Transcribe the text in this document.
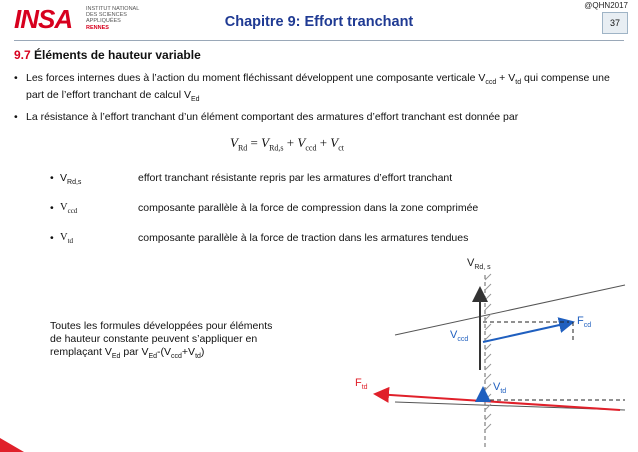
INSA	INSTITUT NATIONAL
DES SCIENCES
APPLIQUÉES
RENNES	Chapitre 9: Effort tranchant
@QHN2017
37
9.7 Éléments de hauteur variable
• Les forces internes dues à l’action du moment fléchissant développent une composante verticale $V_{ccd} + V_{td}$ qui compense une part de l’effort tranchant de calcul $V_{Ed}$
• La résistance à l’effort tranchant d’un élément comportant des armatures d’effort tranchant est donnée par
$V_{Rd} = V_{Rd,s} + V_{ccd} + V_{ct}$
• $V_{Rd,s}$	effort tranchant résistante repris par les armatures d’effort tranchant
• $V_{ccd}$	composante parallèle à la force de compression dans la zone comprimée
• $V_{td}$	composante parallèle à la force de traction dans les armatures tendues
Toutes les formules développées pour éléments
de hauteur constante peuvent s’appliquer en
remplaçant $V_{Ed}$ par $V_{Ed}-(V_{ccd}+V_{td})$
$V_{Rd, s}$
$F_{cd}$
$V_{ccd}$
$F_{td}$	$V_{td}$
